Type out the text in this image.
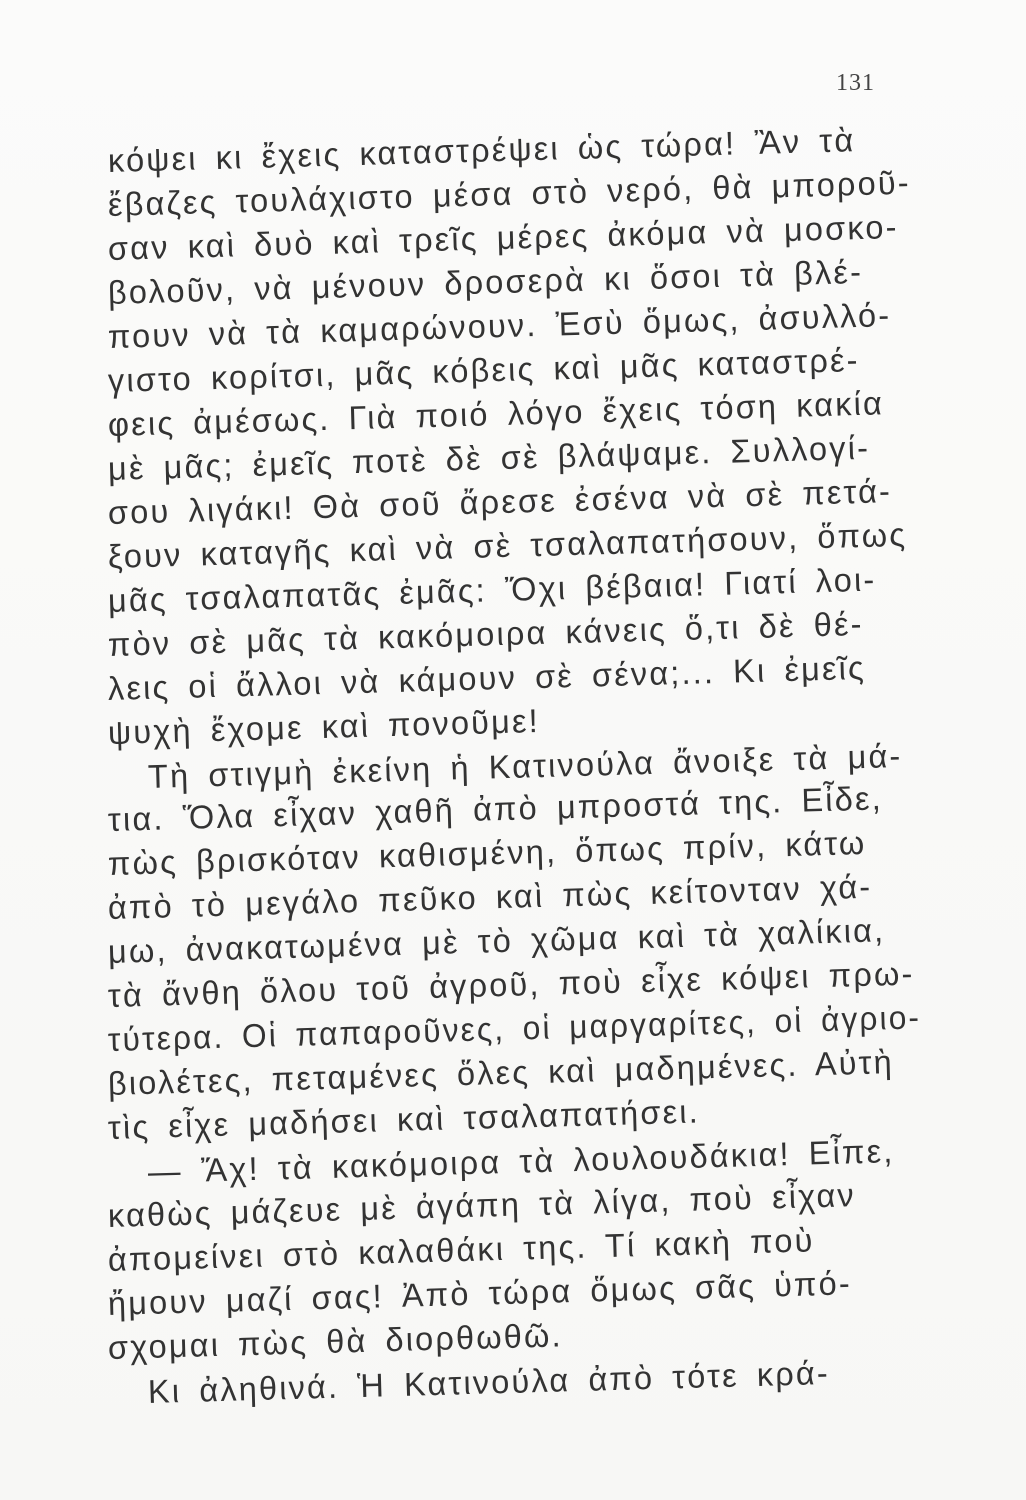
131
κόψει κι ἔχεις καταστρέψει ὡς τώρα! Ἂν τὰ
ἔβαζες τουλάχιστο μέσα στὸ νερό, θὰ μποροῦ-
σαν καὶ δυὸ καὶ τρεῖς μέρες ἀκόμα νὰ μοσκο-
βολοῦν, νὰ μένουν δροσερὰ κι ὅσοι τὰ βλέ-
πουν νὰ τὰ καμαρώνουν. Ἐσὺ ὅμως, ἀσυλλό-
γιστο κορίτσι, μᾶς κόβεις καὶ μᾶς καταστρέ-
φεις ἀμέσως. Γιὰ ποιό λόγο ἔχεις τόση κακία
μὲ μᾶς; ἐμεῖς ποτὲ δὲ σὲ βλάψαμε. Συλλογί-
σου λιγάκι! Θὰ σοῦ ἄρεσε ἐσένα νὰ σὲ πετά-
ξουν καταγῆς καὶ νὰ σὲ τσαλαπατήσουν, ὅπως
μᾶς τσαλαπατᾶς ἐμᾶς: Ὄχι βέβαια! Γιατί λοι-
πὸν σὲ μᾶς τὰ κακόμοιρα κάνεις ὅ,τι δὲ θέ-
λεις οἱ ἄλλοι νὰ κάμουν σὲ σένα;... Κι ἐμεῖς
ψυχὴ ἔχομε καὶ πονοῦμε!
Τὴ στιγμὴ ἐκείνη ἡ Κατινούλα ἄνοιξε τὰ μά-
τια. Ὅλα εἶχαν χαθῆ ἀπὸ μπροστά της. Εἶδε,
πὼς βρισκόταν καθισμένη, ὅπως πρίν, κάτω
ἀπὸ τὸ μεγάλο πεῦκο καὶ πὼς κείτονταν χά-
μω, ἀνακατωμένα μὲ τὸ χῶμα καὶ τὰ χαλίκια,
τὰ ἄνθη ὅλου τοῦ ἀγροῦ, ποὺ εἶχε κόψει πρω-
τύτερα. Οἱ παπαροῦνες, οἱ μαργαρίτες, οἱ ἀγριο-
βιολέτες, πεταμένες ὅλες καὶ μαδημένες. Αὐτὴ
τὶς εἶχε μαδήσει καὶ τσαλαπατήσει.
— Ἄχ! τὰ κακόμοιρα τὰ λουλουδάκια! Εἶπε,
καθὼς μάζευε μὲ ἀγάπη τὰ λίγα, ποὺ εἶχαν
ἀπομείνει στὸ καλαθάκι της. Τί κακὴ ποὺ
ἤμουν μαζί σας! Ἀπὸ τώρα ὅμως σᾶς ὑπό-
σχομαι πὼς θὰ διορθωθῶ.
Κι ἀληθινά. Ἡ Κατινούλα ἀπὸ τότε κρά-
